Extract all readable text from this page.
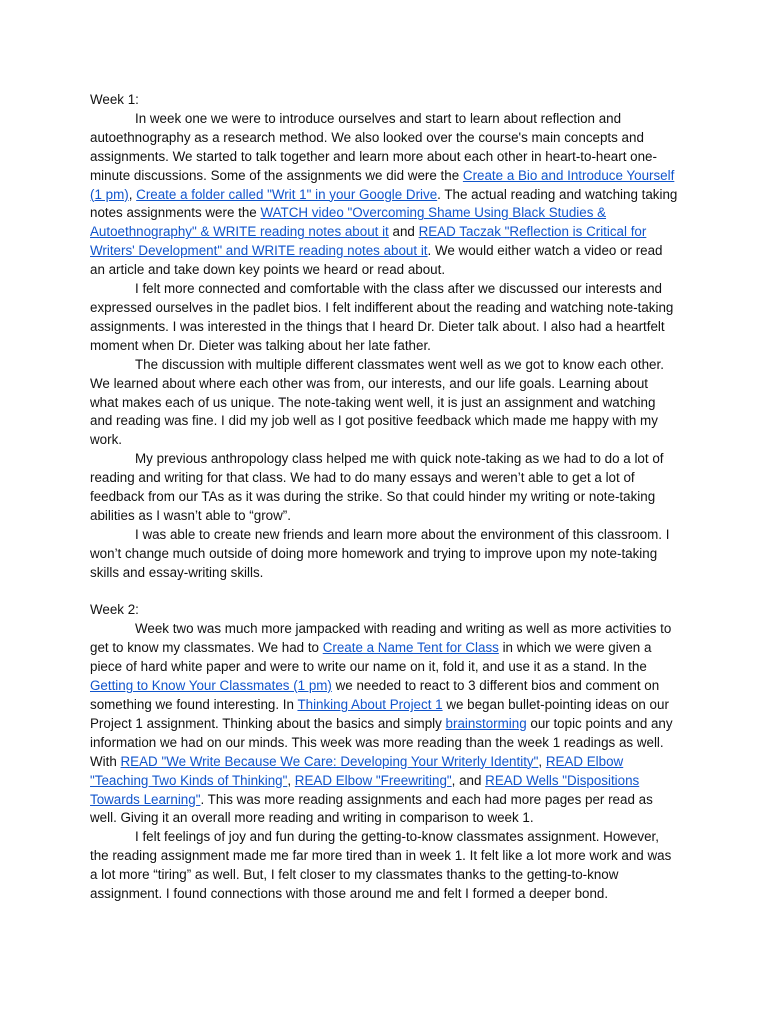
Week 1:

In week one we were to introduce ourselves and start to learn about reflection and autoethnography as a research method. We also looked over the course's main concepts and assignments. We started to talk together and learn more about each other in heart-to-heart one-minute discussions. Some of the assignments we did were the Create a Bio and Introduce Yourself (1 pm), Create a folder called "Writ 1" in your Google Drive. The actual reading and watching taking notes assignments were the WATCH video "Overcoming Shame Using Black Studies & Autoethnography" & WRITE reading notes about it and READ Taczak "Reflection is Critical for Writers' Development" and WRITE reading notes about it. We would either watch a video or read an article and take down key points we heard or read about.

I felt more connected and comfortable with the class after we discussed our interests and expressed ourselves in the padlet bios. I felt indifferent about the reading and watching note-taking assignments. I was interested in the things that I heard Dr. Dieter talk about. I also had a heartfelt moment when Dr. Dieter was talking about her late father.

The discussion with multiple different classmates went well as we got to know each other. We learned about where each other was from, our interests, and our life goals. Learning about what makes each of us unique. The note-taking went well, it is just an assignment and watching and reading was fine. I did my job well as I got positive feedback which made me happy with my work.

My previous anthropology class helped me with quick note-taking as we had to do a lot of reading and writing for that class. We had to do many essays and weren’t able to get a lot of feedback from our TAs as it was during the strike. So that could hinder my writing or note-taking abilities as I wasn’t able to “grow”.

I was able to create new friends and learn more about the environment of this classroom. I won’t change much outside of doing more homework and trying to improve upon my note-taking skills and essay-writing skills.

Week 2:

Week two was much more jampacked with reading and writing as well as more activities to get to know my classmates. We had to Create a Name Tent for Class in which we were given a piece of hard white paper and were to write our name on it, fold it, and use it as a stand. In the Getting to Know Your Classmates (1 pm) we needed to react to 3 different bios and comment on something we found interesting. In Thinking About Project 1 we began bullet-pointing ideas on our Project 1 assignment. Thinking about the basics and simply brainstorming our topic points and any information we had on our minds. This week was more reading than the week 1 readings as well. With READ "We Write Because We Care: Developing Your Writerly Identity", READ Elbow "Teaching Two Kinds of Thinking", READ Elbow "Freewriting", and READ Wells "Dispositions Towards Learning". This was more reading assignments and each had more pages per read as well. Giving it an overall more reading and writing in comparison to week 1.

I felt feelings of joy and fun during the getting-to-know classmates assignment. However, the reading assignment made me far more tired than in week 1. It felt like a lot more work and was a lot more “tiring” as well. But, I felt closer to my classmates thanks to the getting-to-know assignment. I found connections with those around me and felt I formed a deeper bond.
